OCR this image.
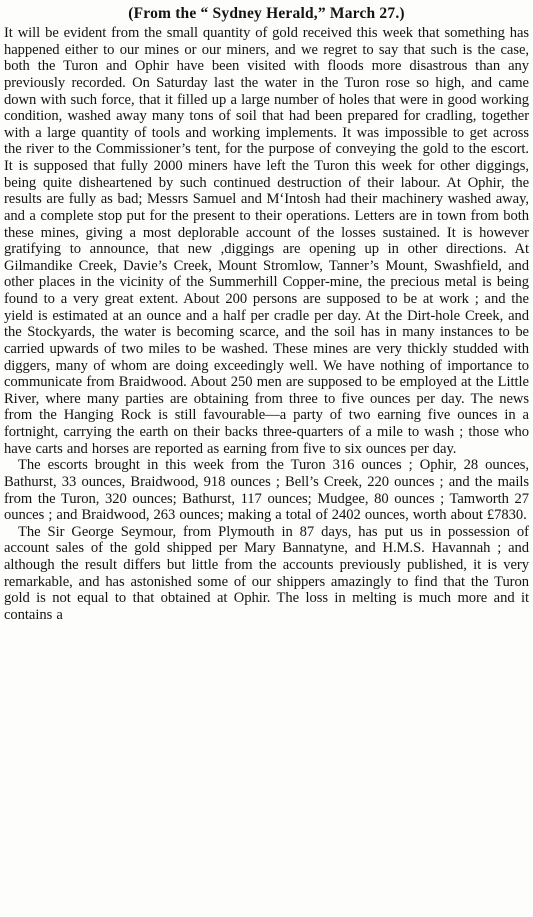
(From the “ Sydney Herald,” March 27.)

It will be evident from the small quantity of gold received this week that something has happened either to our mines or our miners, and we regret to say that such is the case, both the Turon and Ophir have been visited with floods more disastrous than any previously recorded. On Saturday last the water in the Turon rose so high, and came down with such force, that it filled up a large number of holes that were in good working condition, washed away many tons of soil that had been prepared for cradling, together with a large quantity of tools and working implements. It was impossible to get across the river to the Commissioner’s tent, for the purpose of conveying the gold to the escort. It is supposed that fully 2000 miners have left the Turon this week for other diggings, being quite disheartened by such continued destruction of their labour. At Ophir, the results are fully as bad; Messrs Samuel and M‘Intosh had their machinery washed away, and a complete stop put for the present to their operations. Letters are in town from both these mines, giving a most deplorable account of the losses sustained. It is however gratifying to announce, that new ,diggings are opening up in other directions. At Gilmandike Creek, Davie’s Creek, Mount Stromlow, Tanner’s Mount, Swashfield, and other places in the vicinity of the Summerhill Copper-mine, the precious metal is being found to a very great extent. About 200 persons are supposed to be at work ; and the yield is estimated at an ounce and a half per cradle per day. At the Dirt-hole Creek, and the Stockyards, the water is becoming scarce, and the soil has in many instances to be carried upwards of two miles to be washed. These mines are very thickly studded with diggers, many of whom are doing exceedingly well. We have nothing of importance to communicate from Braidwood. About 250 men are supposed to be employed at the Little River, where many parties are obtaining from three to five ounces per day. The news from the Hanging Rock is still favourable—a party of two earning five ounces in a fortnight, carrying the earth on their backs three-quarters of a mile to wash ; those who have carts and horses are reported as earning from five to six ounces per day.

The escorts brought in this week from the Turon 316 ounces ; Ophir, 28 ounces, Bathurst, 33 ounces, Braidwood, 918 ounces ; Bell’s Creek, 220 ounces ; and the mails from the Turon, 320 ounces; Bathurst, 117 ounces; Mudgee, 80 ounces ; Tamworth 27 ounces ; and Braidwood, 263 ounces; making a total of 2402 ounces, worth about £7830.

The Sir George Seymour, from Plymouth in 87 days, has put us in possession of account sales of the gold shipped per Mary Bannatyne, and H.M.S. Havannah ; and although the result differs but little from the accounts previously published, it is very remarkable, and has astonished some of our shippers amazingly to find that the Turon gold is not equal to that obtained at Ophir. The loss in melting is much more and it contains a
